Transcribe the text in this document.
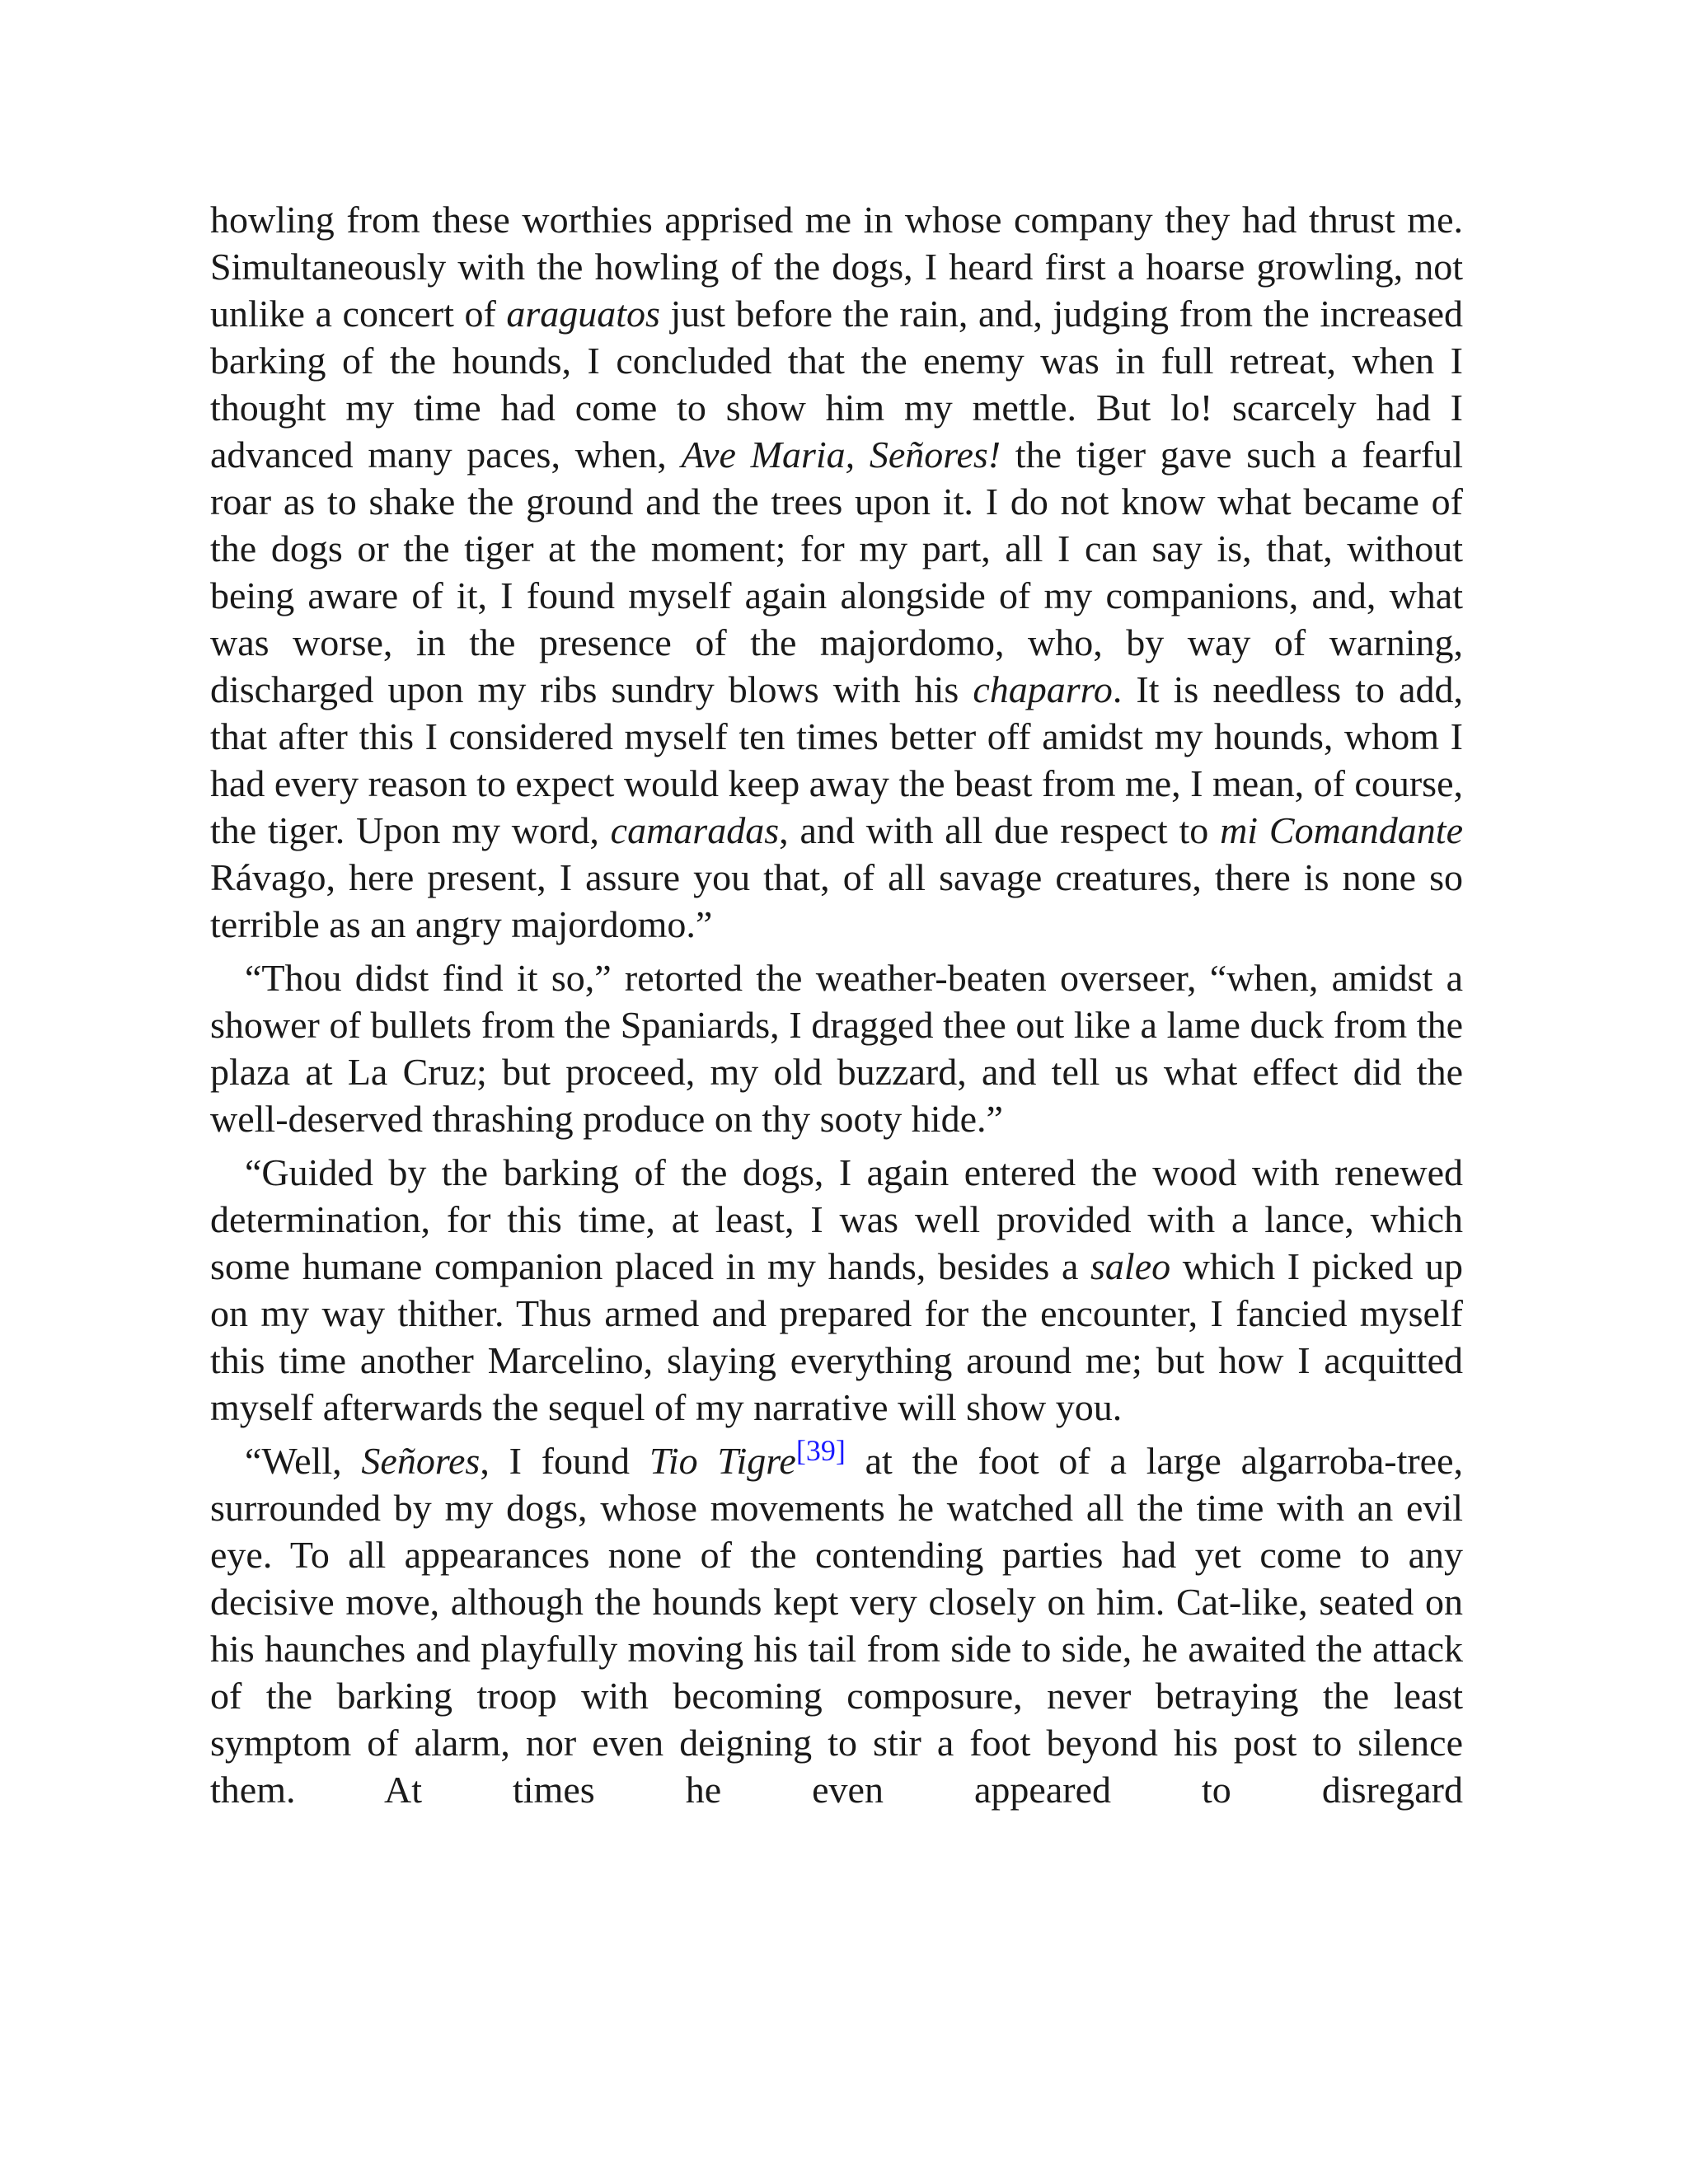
howling from these worthies apprised me in whose company they had thrust me. Simultaneously with the howling of the dogs, I heard first a hoarse growling, not unlike a concert of araguatos just before the rain, and, judging from the increased barking of the hounds, I concluded that the enemy was in full retreat, when I thought my time had come to show him my mettle. But lo! scarcely had I advanced many paces, when, Ave Maria, Señores! the tiger gave such a fearful roar as to shake the ground and the trees upon it. I do not know what became of the dogs or the tiger at the moment; for my part, all I can say is, that, without being aware of it, I found myself again alongside of my companions, and, what was worse, in the presence of the majordomo, who, by way of warning, discharged upon my ribs sundry blows with his chaparro. It is needless to add, that after this I considered myself ten times better off amidst my hounds, whom I had every reason to expect would keep away the beast from me, I mean, of course, the tiger. Upon my word, camaradas, and with all due respect to mi Comandante Rávago, here present, I assure you that, of all savage creatures, there is none so terrible as an angry majordomo.”

“Thou didst find it so,” retorted the weather-beaten overseer, “when, amidst a shower of bullets from the Spaniards, I dragged thee out like a lame duck from the plaza at La Cruz; but proceed, my old buzzard, and tell us what effect did the well-deserved thrashing produce on thy sooty hide.”

“Guided by the barking of the dogs, I again entered the wood with renewed determination, for this time, at least, I was well provided with a lance, which some humane companion placed in my hands, besides a saleo which I picked up on my way thither. Thus armed and prepared for the encounter, I fancied myself this time another Marcelino, slaying everything around me; but how I acquitted myself afterwards the sequel of my narrative will show you.

“Well, Señores, I found Tio Tigre[39] at the foot of a large algarroba-tree, surrounded by my dogs, whose movements he watched all the time with an evil eye. To all appearances none of the contending parties had yet come to any decisive move, although the hounds kept very closely on him. Cat-like, seated on his haunches and playfully moving his tail from side to side, he awaited the attack of the barking troop with becoming composure, never betraying the least symptom of alarm, nor even deigning to stir a foot beyond his post to silence them. At times he even appeared to disregard
